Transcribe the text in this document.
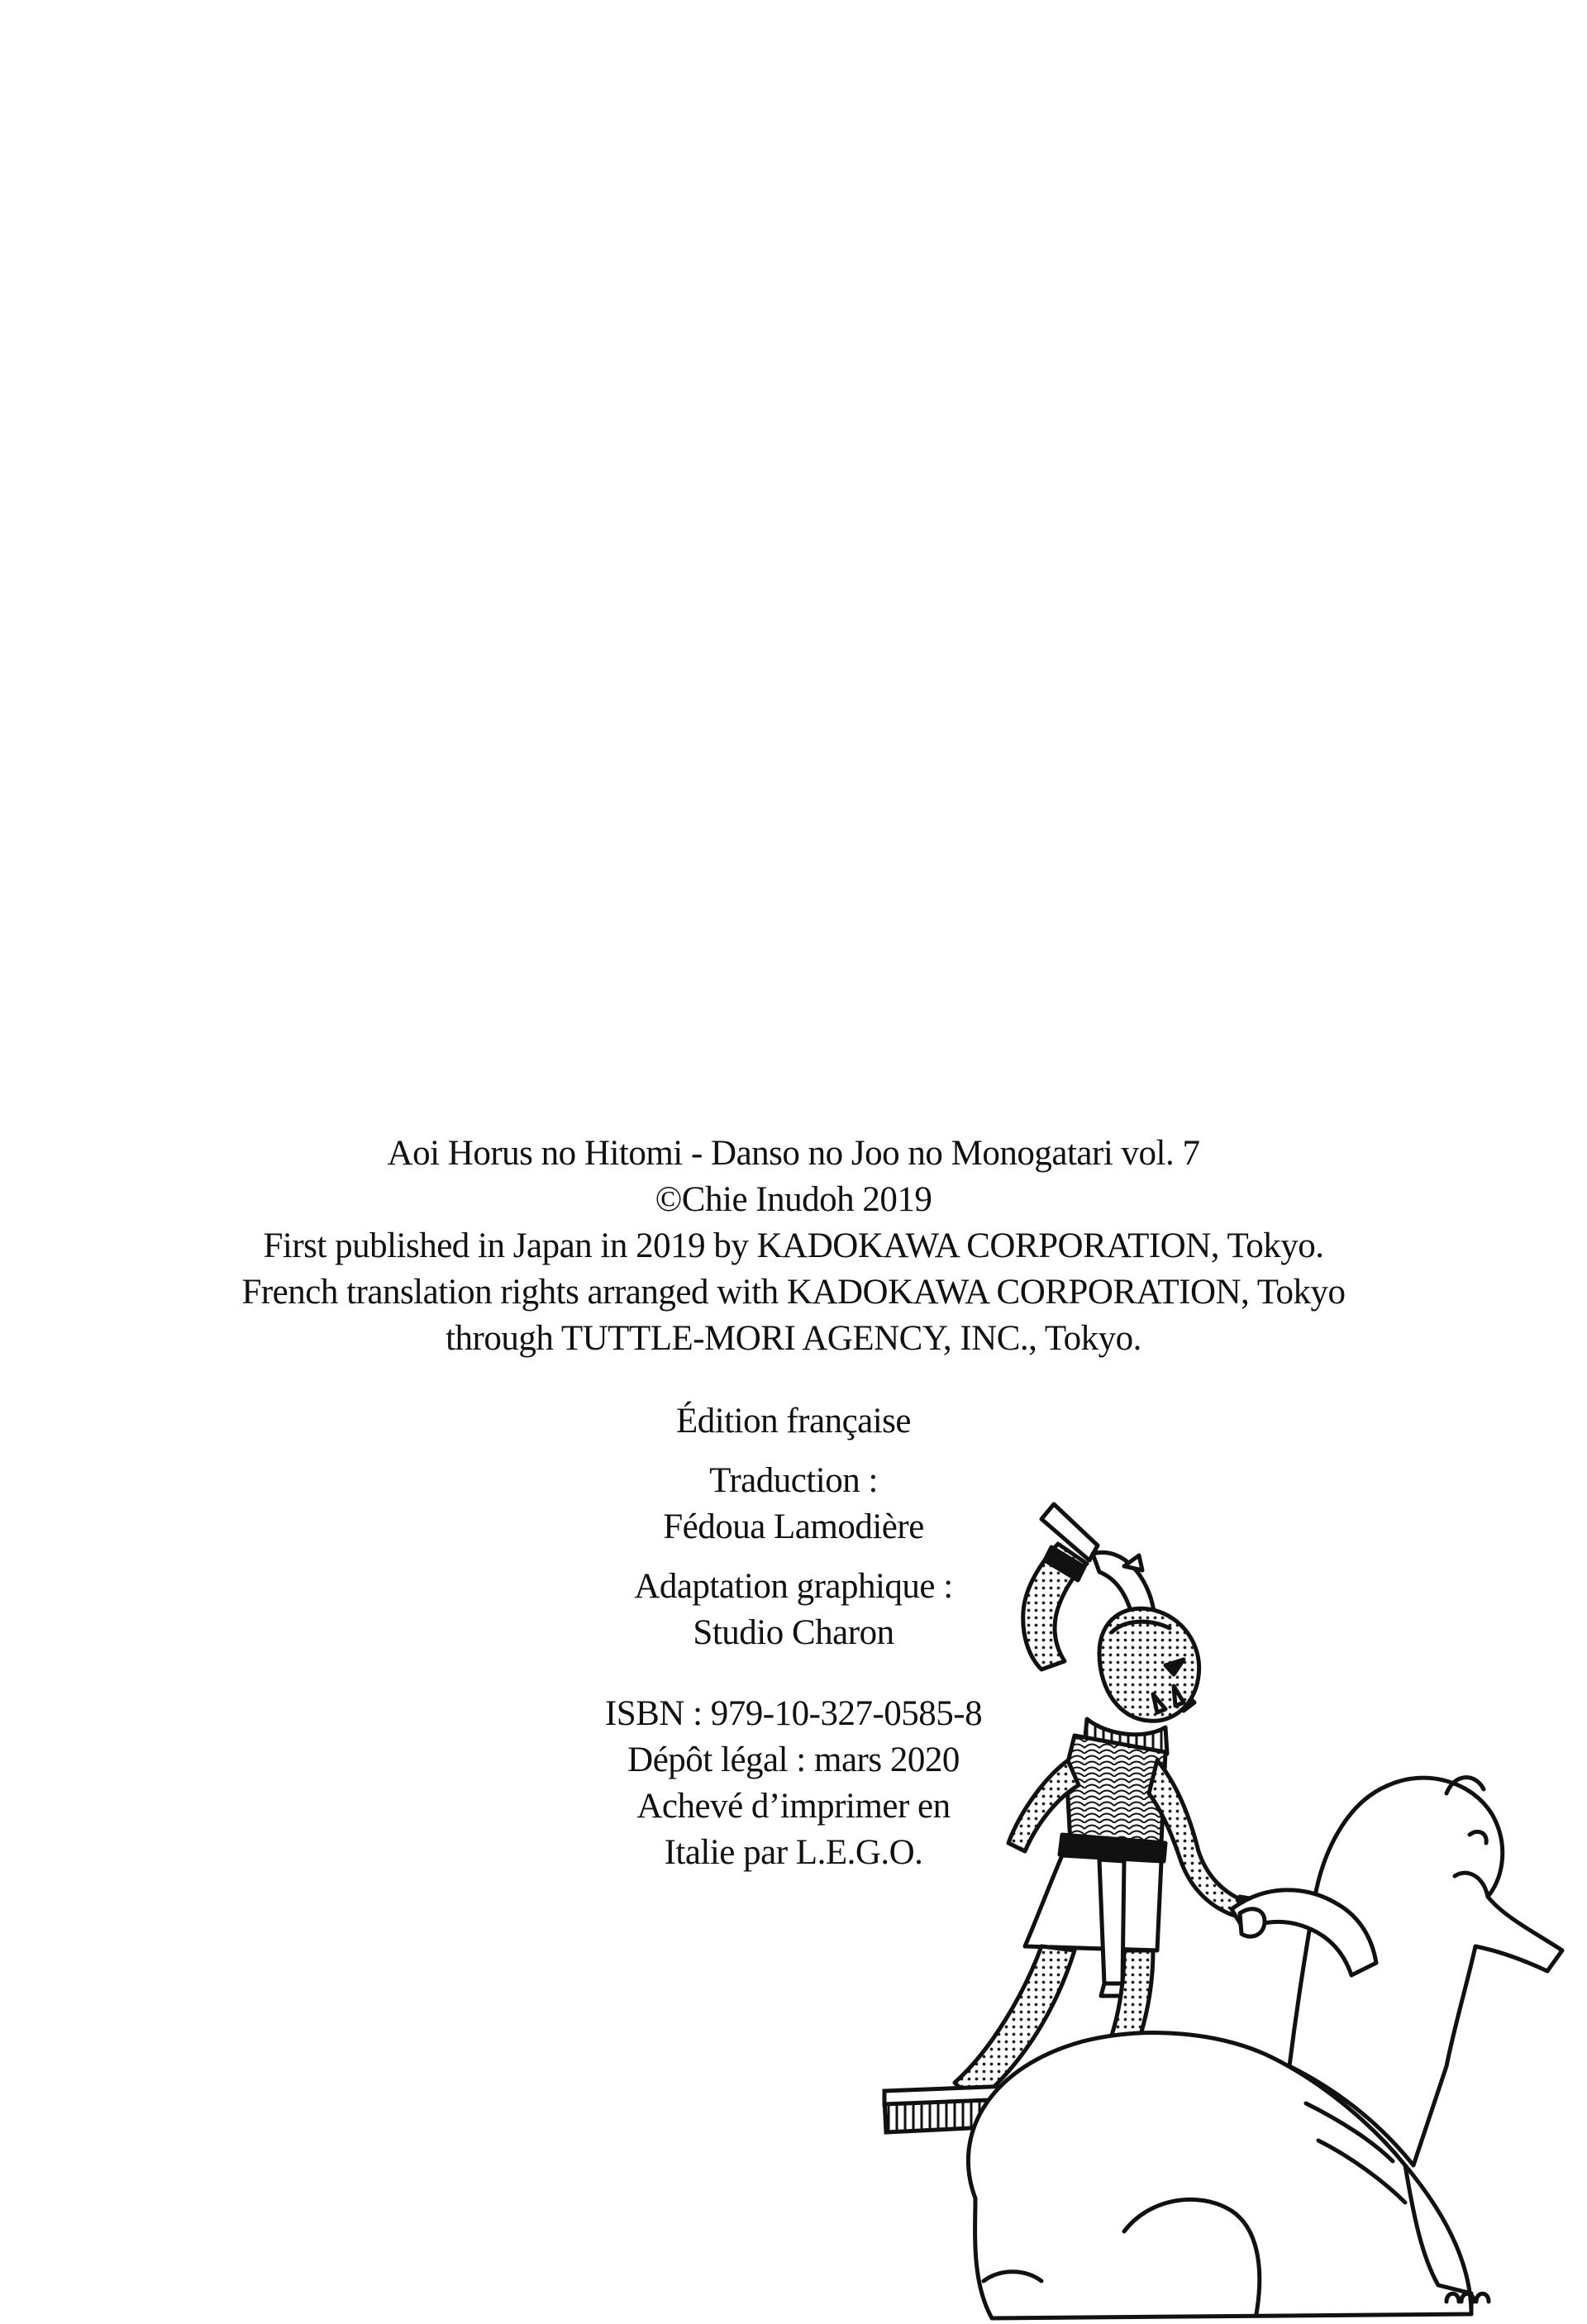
Aoi Horus no Hitomi - Danso no Joo no Monogatari vol. 7
©Chie Inudoh 2019
First published in Japan in 2019 by KADOKAWA CORPORATION, Tokyo.
French translation rights arranged with KADOKAWA CORPORATION, Tokyo
through TUTTLE-MORI AGENCY, INC., Tokyo.
Édition française
Traduction :
Fédoua Lamodière
Adaptation graphique :
Studio Charon
ISBN : 979-10-327-0585-8
Dépôt légal : mars 2020
Achevé d’imprimer en
Italie par L.E.G.O.
